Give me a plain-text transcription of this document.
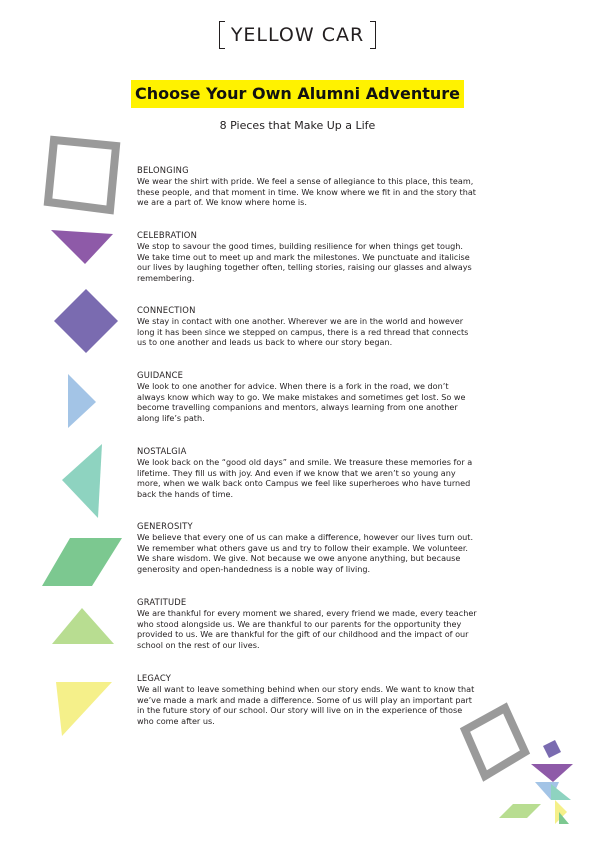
YELLOW CAR
Choose Your Own Alumni Adventure
8 Pieces that Make Up a Life
BELONGING

We wear the shirt with pride. We feel a sense of allegiance to this place, this team, these people, and that moment in time. We know where we fit in and the story that we are a part of. We know where home is.

CELEBRATION

We stop to savour the good times, building resilience for when things get tough. We take time out to meet up and mark the milestones. We punctuate and italicise our lives by laughing together often, telling stories, raising our glasses and always remembering.

CONNECTION

We stay in contact with one another. Wherever we are in the world and however long it has been since we stepped on campus, there is a red thread that connects us to one another and leads us back to where our story began.

GUIDANCE

We look to one another for advice. When there is a fork in the road, we don’t always know which way to go. We make mistakes and sometimes get lost. So we become travelling companions and mentors, always learning from one another along life’s path.

NOSTALGIA

We look back on the “good old days” and smile. We treasure these memories for a lifetime. They fill us with joy. And even if we know that we aren’t so young any more, when we walk back onto Campus we feel like superheroes who have turned back the hands of time.

GENEROSITY

We believe that every one of us can make a difference, however our lives turn out. We remember what others gave us and try to follow their example. We volunteer. We share wisdom. We give. Not because we owe anyone anything, but because generosity and open-handedness is a noble way of living.

GRATITUDE

We are thankful for every moment we shared, every friend we made, every teacher who stood alongside us. We are thankful to our parents for the opportunity they provided to us. We are thankful for the gift of our childhood and the impact of our school on the rest of our lives.

LEGACY

We all want to leave something behind when our story ends. We want to know that we’ve made a mark and made a difference. Some of us will play an important part in the future story of our school. Our story will live on in the experience of those who come after us.
